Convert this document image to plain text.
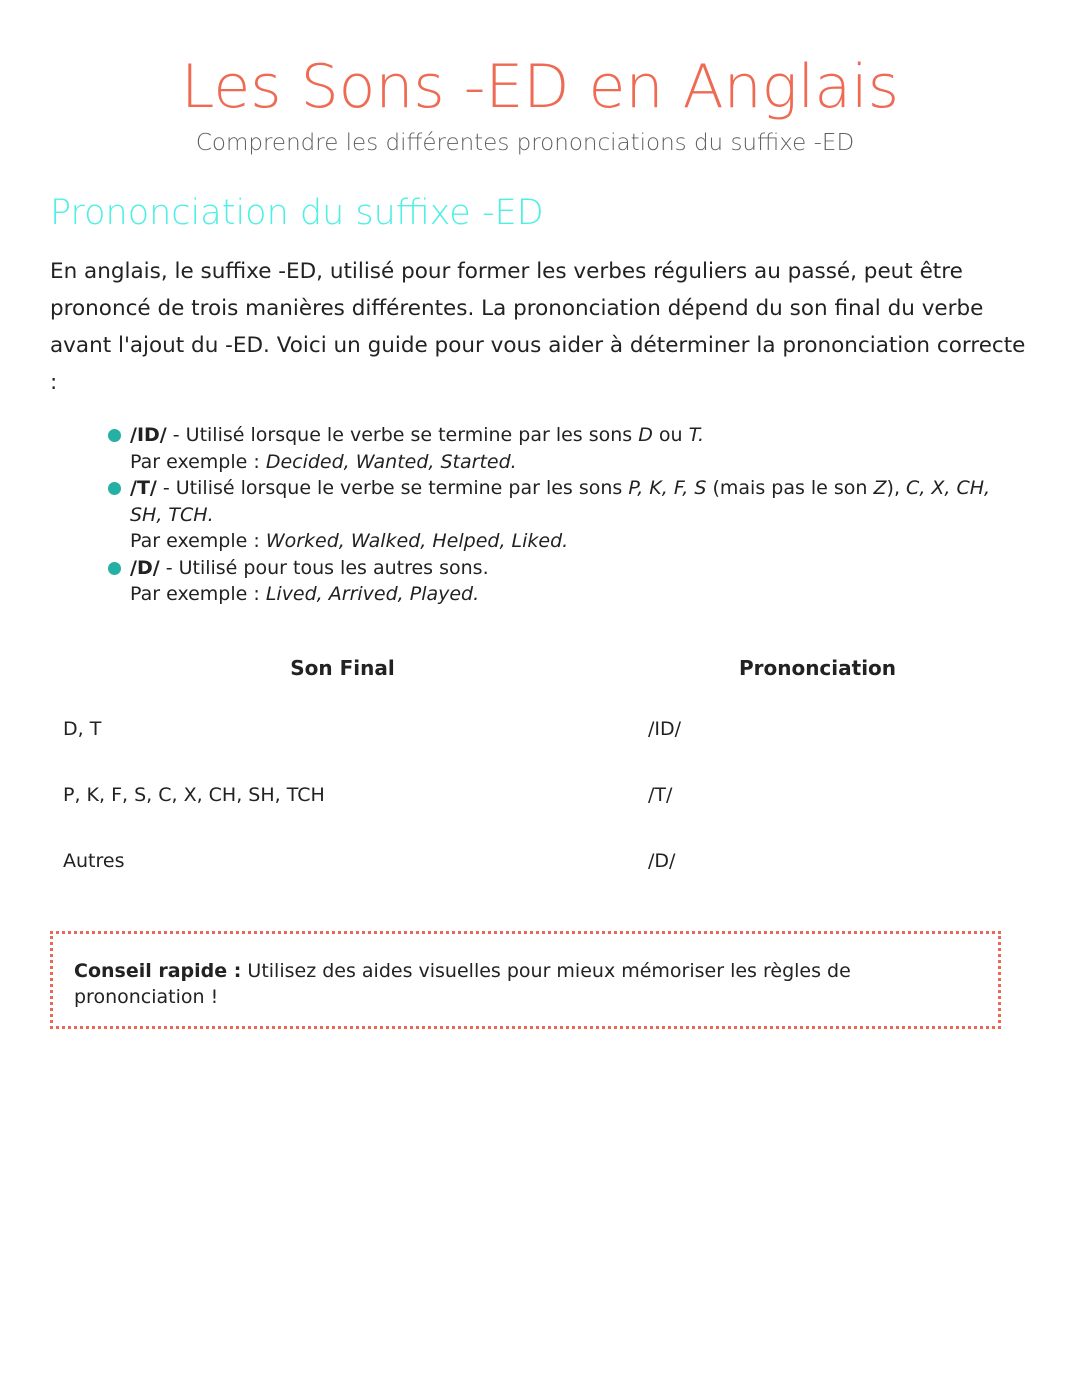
Les Sons -ED en Anglais
Comprendre les différentes prononciations du suffixe -ED
Prononciation du suffixe -ED

En anglais, le suffixe -ED, utilisé pour former les verbes réguliers au passé, peut être prononcé de trois manières différentes. La prononciation dépend du son final du verbe avant l'ajout du -ED. Voici un guide pour vous aider à déterminer la prononciation correcte :

/ID/ - Utilisé lorsque le verbe se termine par les sons D ou T.
Par exemple : Decided, Wanted, Started.
/T/ - Utilisé lorsque le verbe se termine par les sons P, K, F, S (mais pas le son Z), C, X, CH, SH, TCH.
Par exemple : Worked, Walked, Helped, Liked.
/D/ - Utilisé pour tous les autres sons.
Par exemple : Lived, Arrived, Played.
Son Final	Prononciation
D, T	/ID/
P, K, F, S, C, X, CH, SH, TCH	/T/
Autres	/D/
Conseil rapide : Utilisez des aides visuelles pour mieux mémoriser les règles de prononciation !
